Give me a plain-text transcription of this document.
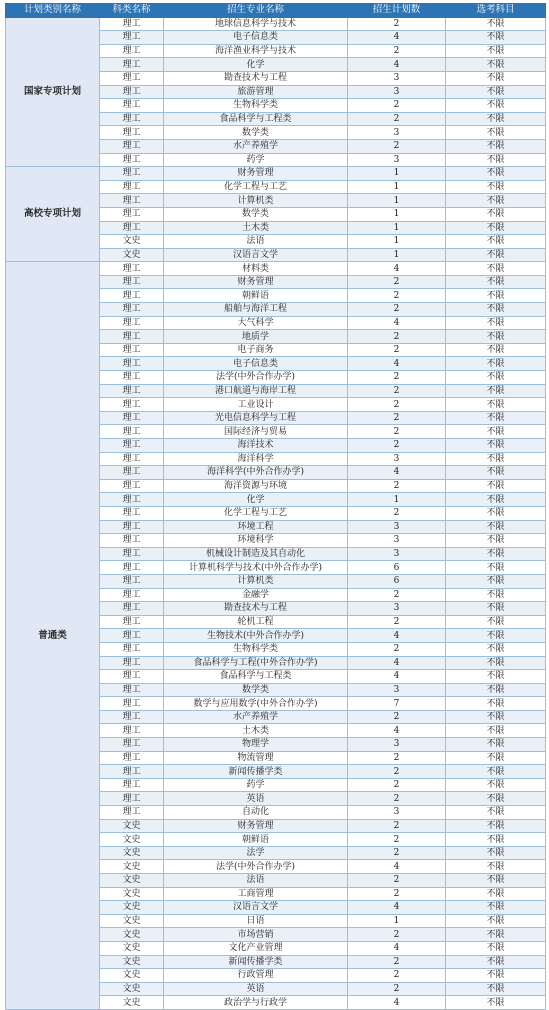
计划类别名称	科类名称	招生专业名称	招生计划数	选考科目
国家专项计划	理工	地球信息科学与技术	2	不限
	理工	电子信息类	4	不限
	理工	海洋渔业科学与技术	2	不限
	理工	化学	4	不限
	理工	勘查技术与工程	3	不限
	理工	旅游管理	3	不限
	理工	生物科学类	2	不限
	理工	食品科学与工程类	2	不限
	理工	数学类	3	不限
	理工	水产养殖学	2	不限
	理工	药学	3	不限
高校专项计划	理工	财务管理	1	不限
	理工	化学工程与工艺	1	不限
	理工	计算机类	1	不限
	理工	数学类	1	不限
	理工	土木类	1	不限
	文史	法语	1	不限
	文史	汉语言文学	1	不限
普通类	理工	材料类	4	不限
	理工	财务管理	2	不限
	理工	朝鲜语	2	不限
	理工	船舶与海洋工程	2	不限
	理工	大气科学	4	不限
	理工	地质学	2	不限
	理工	电子商务	2	不限
	理工	电子信息类	4	不限
	理工	法学(中外合作办学)	2	不限
	理工	港口航道与海岸工程	2	不限
	理工	工业设计	2	不限
	理工	光电信息科学与工程	2	不限
	理工	国际经济与贸易	2	不限
	理工	海洋技术	2	不限
	理工	海洋科学	3	不限
	理工	海洋科学(中外合作办学)	4	不限
	理工	海洋资源与环境	2	不限
	理工	化学	1	不限
	理工	化学工程与工艺	2	不限
	理工	环境工程	3	不限
	理工	环境科学	3	不限
	理工	机械设计制造及其自动化	3	不限
	理工	计算机科学与技术(中外合作办学)	6	不限
	理工	计算机类	6	不限
	理工	金融学	2	不限
	理工	勘查技术与工程	3	不限
	理工	轮机工程	2	不限
	理工	生物技术(中外合作办学)	4	不限
	理工	生物科学类	2	不限
	理工	食品科学与工程(中外合作办学)	4	不限
	理工	食品科学与工程类	4	不限
	理工	数学类	3	不限
	理工	数学与应用数学(中外合作办学)	7	不限
	理工	水产养殖学	2	不限
	理工	土木类	4	不限
	理工	物理学	3	不限
	理工	物流管理	2	不限
	理工	新闻传播学类	2	不限
	理工	药学	2	不限
	理工	英语	2	不限
	理工	自动化	3	不限
	文史	财务管理	2	不限
	文史	朝鲜语	2	不限
	文史	法学	2	不限
	文史	法学(中外合作办学)	4	不限
	文史	法语	2	不限
	文史	工商管理	2	不限
	文史	汉语言文学	4	不限
	文史	日语	1	不限
	文史	市场营销	2	不限
	文史	文化产业管理	4	不限
	文史	新闻传播学类	2	不限
	文史	行政管理	2	不限
	文史	英语	2	不限
	文史	政治学与行政学	4	不限
